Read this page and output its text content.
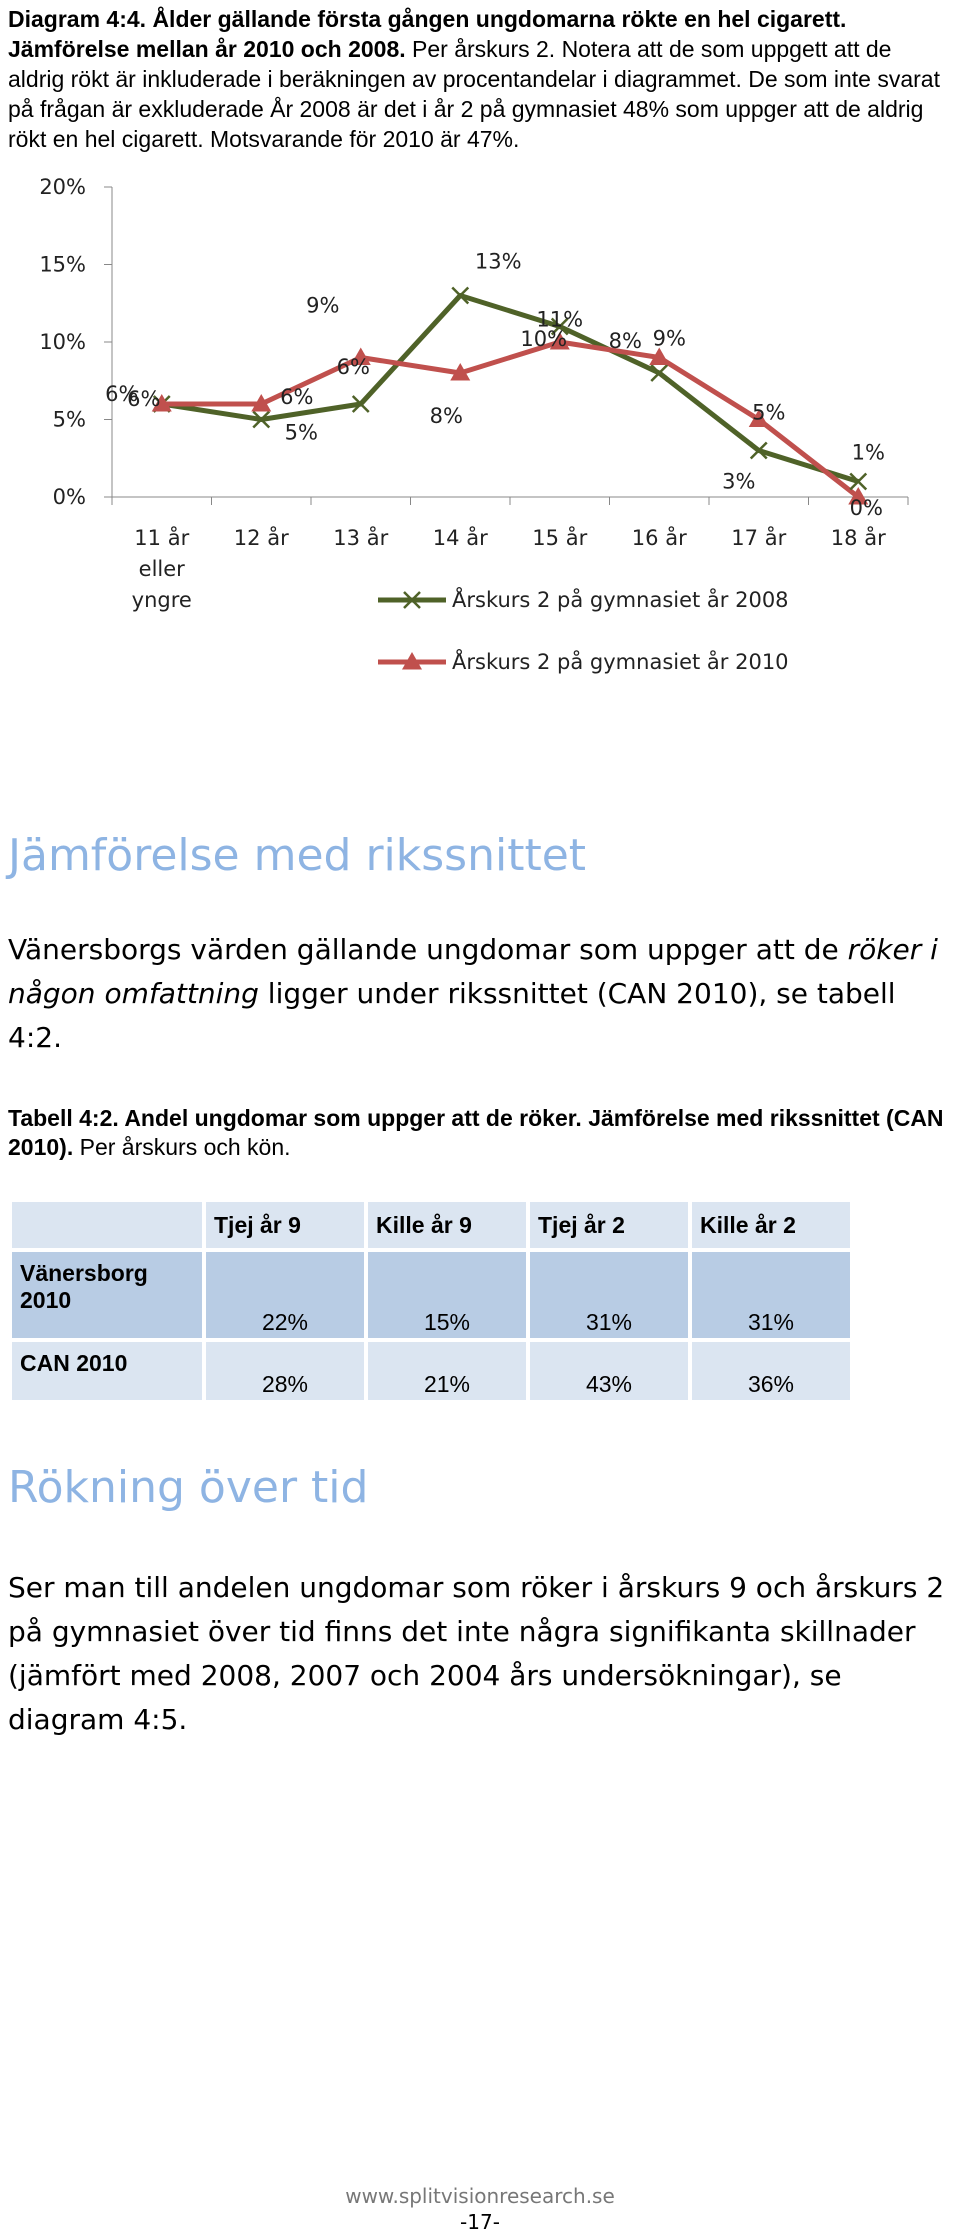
Diagram 4:4. Ålder gällande första gången ungdomarna rökte en hel cigarett. Jämförelse mellan år 2010 och 2008. Per årskurs 2. Notera att de som uppgett att de aldrig rökt är inkluderade i beräkningen av procentandelar i diagrammet. De som inte svarat på frågan är exkluderade År 2008 är det i år 2 på gymnasiet 48% som uppger att de aldrig rökt en hel cigarett. Motsvarande för 2010 är 47%.

0%
5%
10%
15%
20%
11 år
eller
yngre
12 år 13 år 14 år 15 år 16 år 17 år 18 år
6%
5%
6%
13%
11%
8%
3%
1%
6%
6%
9%
8%
10%	9%
5%
0%
Årskurs 2 på gymnasiet år 2008
Årskurs 2 på gymnasiet år 2010
Jämförelse med rikssnittet

Vänersborgs värden gällande ungdomar som uppger att de röker i någon omfattning ligger under rikssnittet (CAN 2010), se tabell 4:2.

Tabell 4:2. Andel ungdomar som uppger att de röker. Jämförelse med rikssnittet (CAN 2010). Per årskurs och kön.

	Tjej år 9	Kille år 9	Tjej år 2	Kille år 2
Vänersborg 2010	22%	15%	31%	31%
CAN 2010	28%	21%	43%	36%
Rökning över tid

Ser man till andelen ungdomar som röker i årskurs 9 och årskurs 2 på gymnasiet över tid finns det inte några signifikanta skillnader (jämfört med 2008, 2007 och 2004 års undersökningar), se diagram 4:5.

www.splitvisionresearch.se

-17-
